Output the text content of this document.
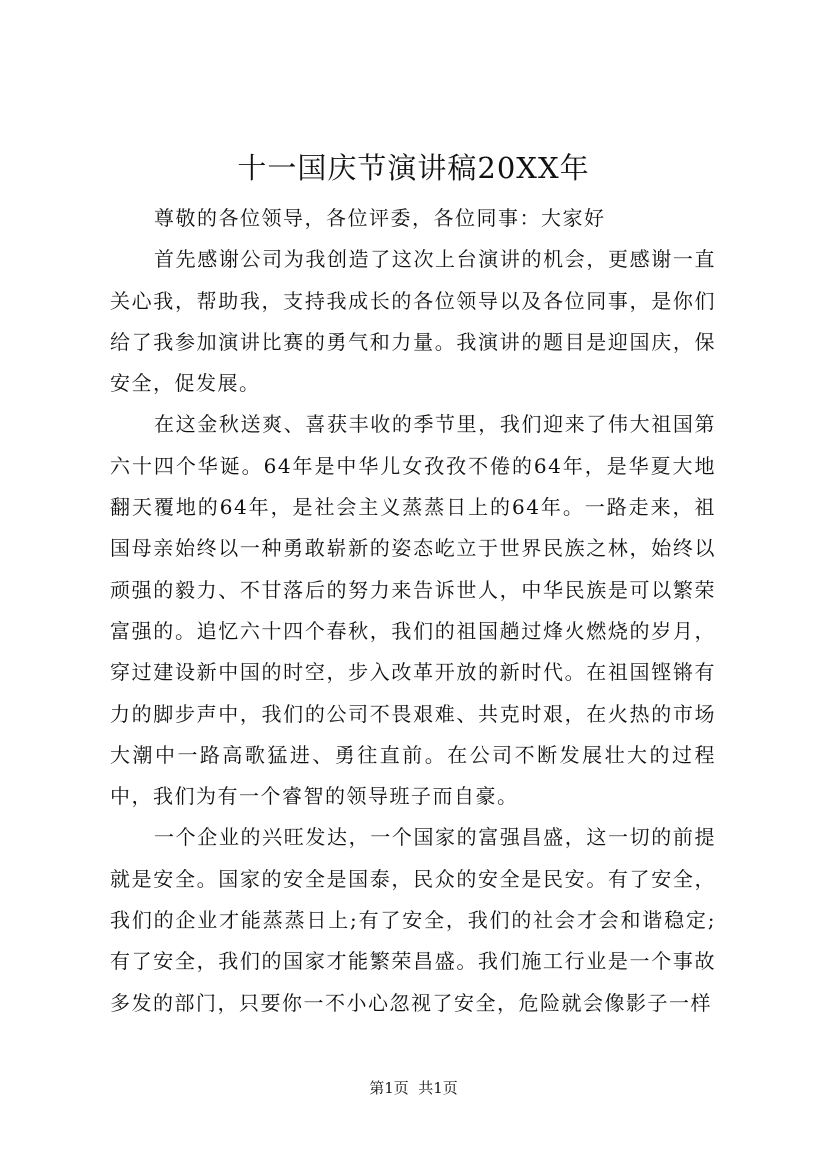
十一国庆节演讲稿20XX年

尊敬的各位领导，各位评委，各位同事：大家好

首先感谢公司为我创造了这次上台演讲的机会，更感谢一直关心我，帮助我，支持我成长的各位领导以及各位同事，是你们给了我参加演讲比赛的勇气和力量。我演讲的题目是迎国庆，保安全，促发展。

在这金秋送爽、喜获丰收的季节里，我们迎来了伟大祖国第六十四个华诞。64年是中华儿女孜孜不倦的64年，是华夏大地翻天覆地的64年，是社会主义蒸蒸日上的64年。一路走来，祖国母亲始终以一种勇敢崭新的姿态屹立于世界民族之林，始终以顽强的毅力、不甘落后的努力来告诉世人，中华民族是可以繁荣富强的。追忆六十四个春秋，我们的祖国趟过烽火燃烧的岁月，穿过建设新中国的时空，步入改革开放的新时代。在祖国铿锵有力的脚步声中，我们的公司不畏艰难、共克时艰，在火热的市场大潮中一路高歌猛进、勇往直前。在公司不断发展壮大的过程中，我们为有一个睿智的领导班子而自豪。

一个企业的兴旺发达，一个国家的富强昌盛，这一切的前提就是安全。国家的安全是国泰，民众的安全是民安。有了安全，我们的企业才能蒸蒸日上;有了安全，我们的社会才会和谐稳定;有了安全，我们的国家才能繁荣昌盛。我们施工行业是一个事故多发的部门，只要你一不小心忽视了安全，危险就会像影子一样

第1页  共1页
